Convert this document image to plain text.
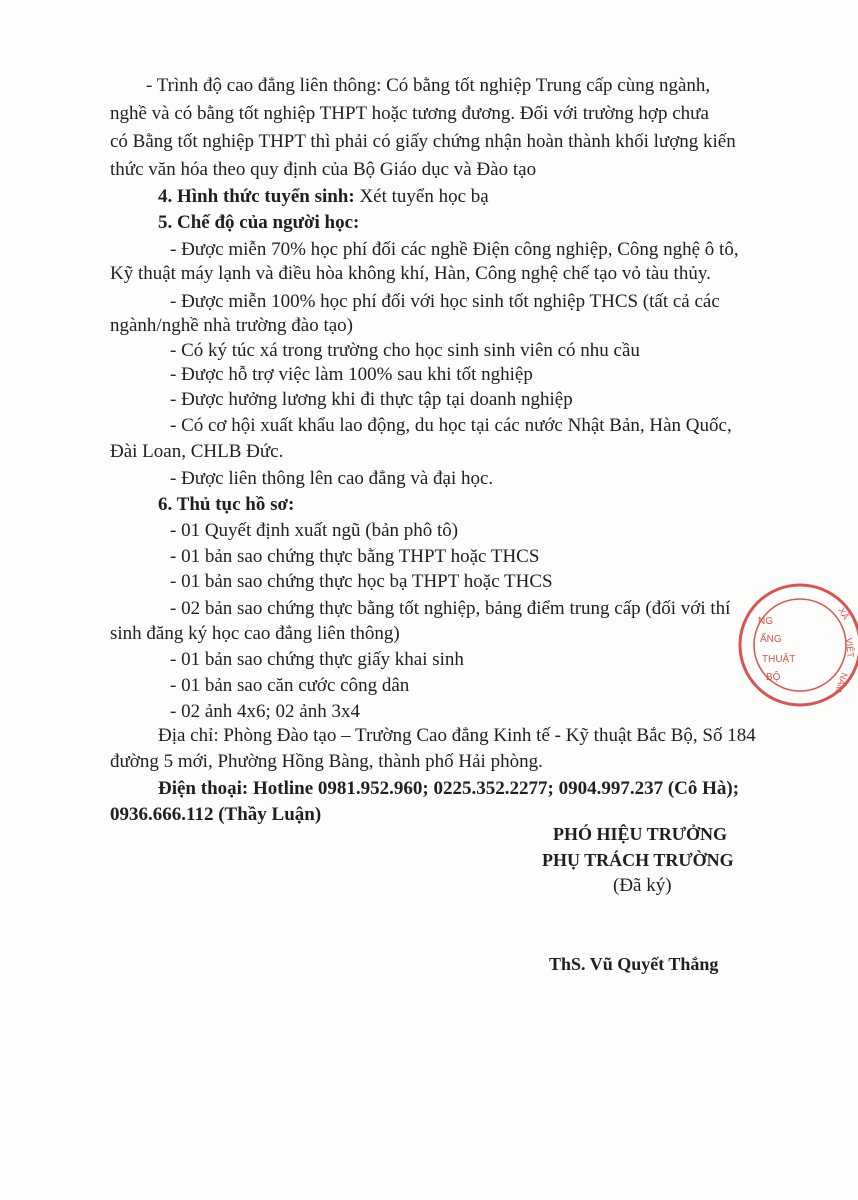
- Trình độ cao đẳng liên thông: Có bằng tốt nghiệp Trung cấp cùng ngành,
nghề và có bằng tốt nghiệp THPT hoặc tương đương. Đối với trường hợp chưa
có Bằng tốt nghiệp THPT thì phải có giấy chứng nhận hoàn thành khối lượng kiến
thức văn hóa theo quy định của Bộ Giáo dục và Đào tạo
4. Hình thức tuyển sinh: Xét tuyển học bạ
5. Chế độ của người học:
- Được miễn 70% học phí đối các nghề Điện công nghiệp, Công nghệ ô tô,
Kỹ thuật máy lạnh và điều hòa không khí, Hàn, Công nghệ chế tạo vỏ tàu thủy.
- Được miễn 100% học phí đối với học sinh tốt nghiệp THCS (tất cả các
ngành/nghề nhà trường đào tạo)
- Có ký túc xá trong trường cho học sinh sinh viên có nhu cầu
- Được hỗ trợ việc làm 100% sau khi tốt nghiệp
- Được hưởng lương khi đi thực tập tại doanh nghiệp
- Có cơ hội xuất khẩu lao động, du học tại các nước Nhật Bản, Hàn Quốc,
Đài Loan, CHLB Đức.
- Được liên thông lên cao đẳng và đại học.
6. Thủ tục hồ sơ:
- 01 Quyết định xuất ngũ (bản phô tô)
- 01 bản sao chứng thực bằng THPT hoặc THCS
- 01 bản sao chứng thực học bạ THPT hoặc THCS
- 02 bản sao chứng thực bằng tốt nghiệp, bảng điểm trung cấp (đối với thí
sinh đăng ký học cao đẳng liên thông)
- 01 bản sao chứng thực giấy khai sinh
- 01 bản sao căn cước công dân
- 02 ảnh 4x6; 02 ảnh 3x4
Địa chỉ: Phòng Đào tạo – Trường Cao đẳng Kinh tế - Kỹ thuật Bắc Bộ, Số 184
đường 5 mới, Phường Hồng Bàng, thành phố Hải phòng.
Điện thoại: Hotline 0981.952.960; 0225.352.2277; 0904.997.237 (Cô Hà);
0936.666.112 (Thầy Luận)
PHÓ HIỆU TRƯỞNG
PHỤ TRÁCH TRƯỜNG
(Đã ký)
ThS. Vũ Quyết Thắng
NG
ẤNG
THUẬT
BỘ
XÃ
VIỆT
NAM
